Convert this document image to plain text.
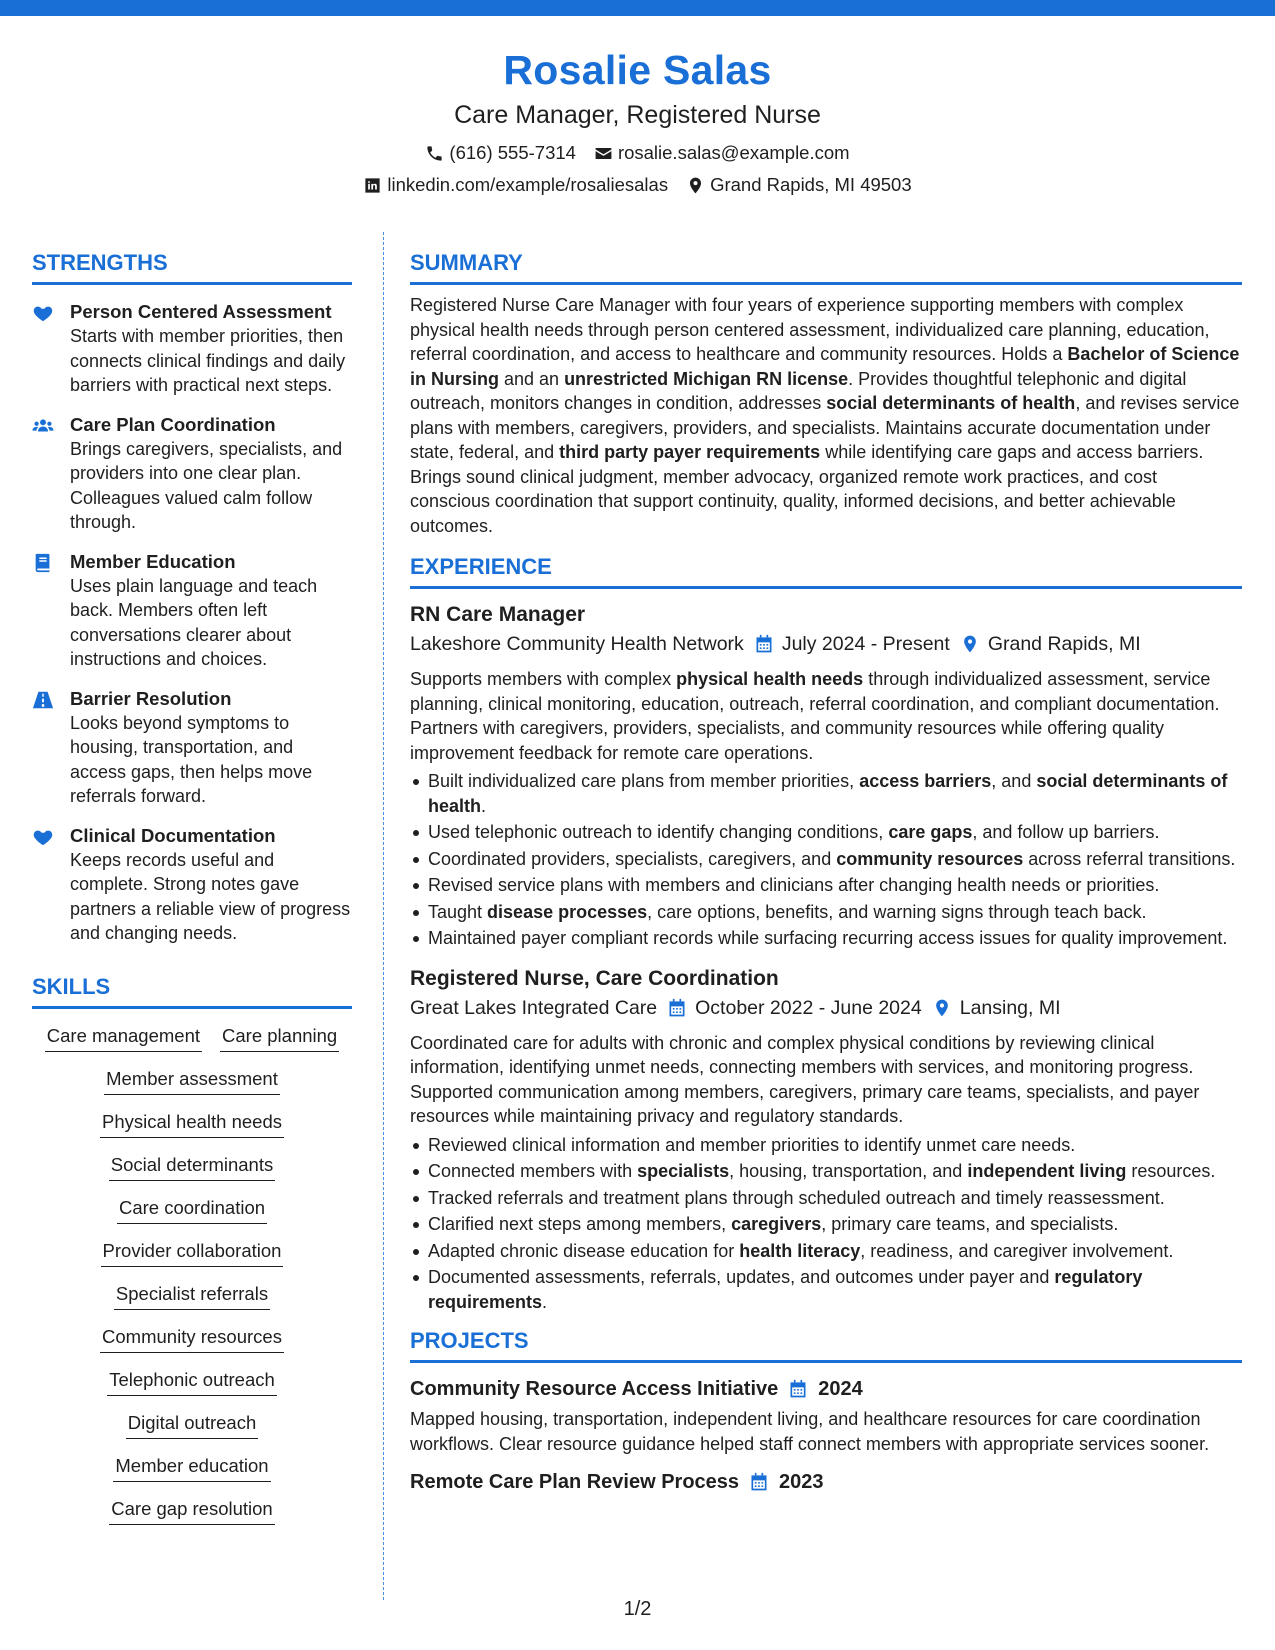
Rosalie Salas
Care Manager, Registered Nurse
(616) 555-7314 rosalie.salas@example.com
linkedin.com/example/rosaliesalas Grand Rapids, MI 49503
STRENGTHS
Person Centered Assessment
Starts with member priorities, then connects clinical findings and daily barriers with practical next steps.
Care Plan Coordination
Brings caregivers, specialists, and providers into one clear plan. Colleagues valued calm follow through.
Member Education
Uses plain language and teach back. Members often left conversations clearer about instructions and choices.
Barrier Resolution
Looks beyond symptoms to housing, transportation, and access gaps, then helps move referrals forward.
Clinical Documentation
Keeps records useful and complete. Strong notes gave partners a reliable view of progress and changing needs.
SKILLS
Care management Care planning
Member assessment
Physical health needs
Social determinants
Care coordination
Provider collaboration
Specialist referrals
Community resources
Telephonic outreach
Digital outreach
Member education
Care gap resolution
SUMMARY
Registered Nurse Care Manager with four years of experience supporting members with complex physical health needs through person centered assessment, individualized care planning, education, referral coordination, and access to healthcare and community resources. Holds a Bachelor of Science in Nursing and an unrestricted Michigan RN license. Provides thoughtful telephonic and digital outreach, monitors changes in condition, addresses social determinants of health, and revises service plans with members, caregivers, providers, and specialists. Maintains accurate documentation under state, federal, and third party payer requirements while identifying care gaps and access barriers. Brings sound clinical judgment, member advocacy, organized remote work practices, and cost conscious coordination that support continuity, quality, informed decisions, and better achievable outcomes.
EXPERIENCE
RN Care Manager
Lakeshore Community Health Network July 2024 - Present Grand Rapids, MI
Supports members with complex physical health needs through individualized assessment, service planning, clinical monitoring, education, outreach, referral coordination, and compliant documentation. Partners with caregivers, providers, specialists, and community resources while offering quality improvement feedback for remote care operations.
Built individualized care plans from member priorities, access barriers, and social determinants of health.
Used telephonic outreach to identify changing conditions, care gaps, and follow up barriers.
Coordinated providers, specialists, caregivers, and community resources across referral transitions.
Revised service plans with members and clinicians after changing health needs or priorities.
Taught disease processes, care options, benefits, and warning signs through teach back.
Maintained payer compliant records while surfacing recurring access issues for quality improvement.
Registered Nurse, Care Coordination
Great Lakes Integrated Care October 2022 - June 2024 Lansing, MI
Coordinated care for adults with chronic and complex physical conditions by reviewing clinical information, identifying unmet needs, connecting members with services, and monitoring progress. Supported communication among members, caregivers, primary care teams, specialists, and payer resources while maintaining privacy and regulatory standards.
Reviewed clinical information and member priorities to identify unmet care needs.
Connected members with specialists, housing, transportation, and independent living resources.
Tracked referrals and treatment plans through scheduled outreach and timely reassessment.
Clarified next steps among members, caregivers, primary care teams, and specialists.
Adapted chronic disease education for health literacy, readiness, and caregiver involvement.
Documented assessments, referrals, updates, and outcomes under payer and regulatory requirements.
PROJECTS
Community Resource Access Initiative 2024
Mapped housing, transportation, independent living, and healthcare resources for care coordination workflows. Clear resource guidance helped staff connect members with appropriate services sooner.
Remote Care Plan Review Process 2023
1/2
